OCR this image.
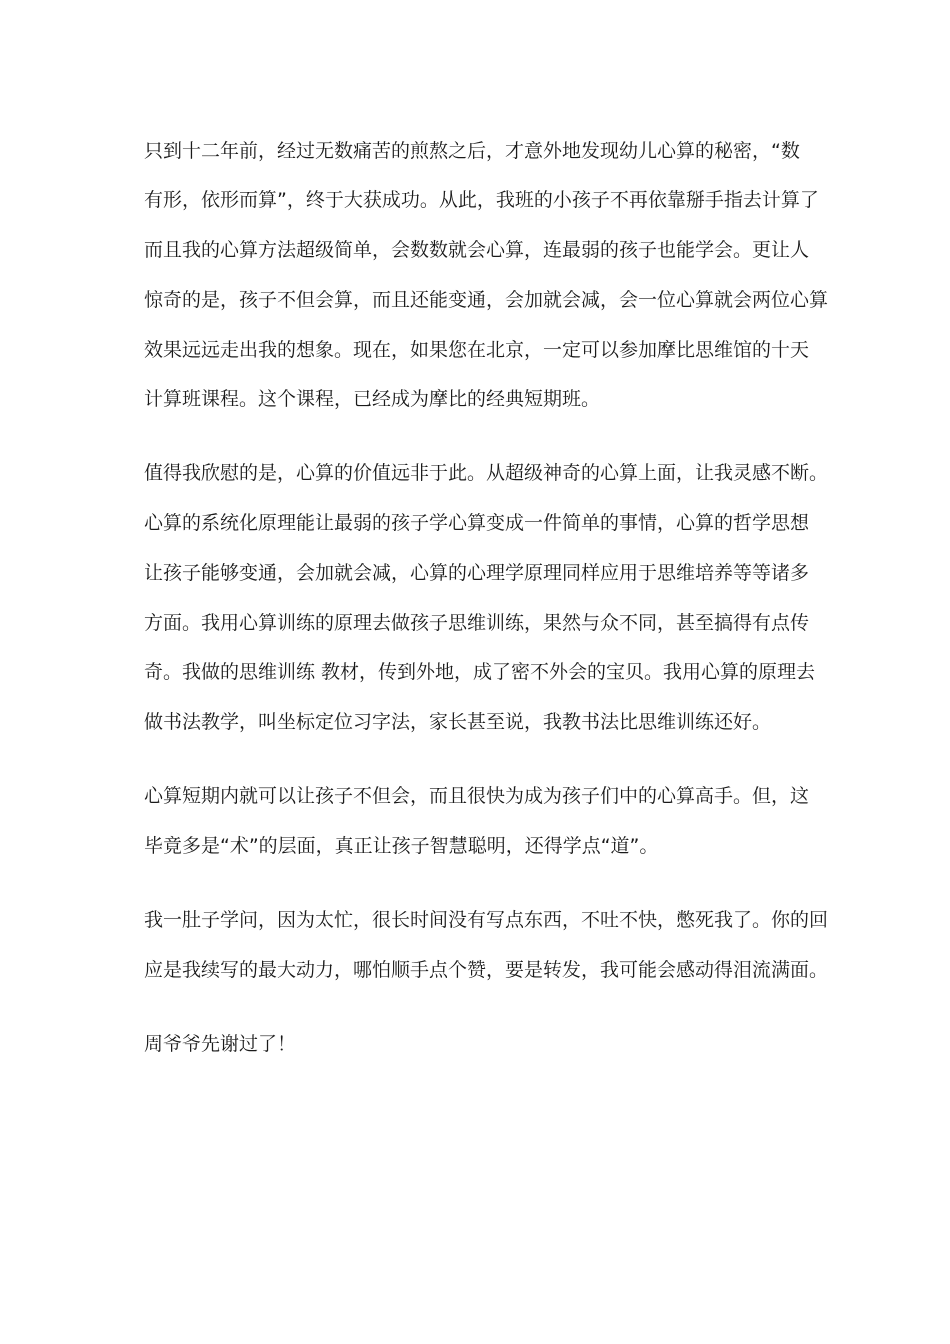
只到十二年前，经过无数痛苦的煎熬之后，才意外地发现幼儿心算的秘密，“数
有形，依形而算”，终于大获成功。从此，我班的小孩子不再依靠掰手指去计算了
而且我的心算方法超级简单，会数数就会心算，连最弱的孩子也能学会。更让人
惊奇的是，孩子不但会算，而且还能变通，会加就会减，会一位心算就会两位心算
效果远远走出我的想象。现在，如果您在北京，一定可以参加摩比思维馆的十天
计算班课程。这个课程，已经成为摩比的经典短期班。
值得我欣慰的是，心算的价值远非于此。从超级神奇的心算上面，让我灵感不断。
心算的系统化原理能让最弱的孩子学心算变成一件简单的事情，心算的哲学思想
让孩子能够变通，会加就会减，心算的心理学原理同样应用于思维培养等等诸多
方面。我用心算训练的原理去做孩子思维训练，果然与众不同，甚至搞得有点传
奇。我做的思维训练 教材，传到外地，成了密不外会的宝贝。我用心算的原理去
做书法教学，叫坐标定位习字法，家长甚至说，我教书法比思维训练还好。
心算短期内就可以让孩子不但会，而且很快为成为孩子们中的心算高手。但，这
毕竟多是“术”的层面，真正让孩子智慧聪明，还得学点“道”。
我一肚子学问，因为太忙，很长时间没有写点东西，不吐不快，憋死我了。你的回
应是我续写的最大动力，哪怕顺手点个赞，要是转发，我可能会感动得泪流满面。
周爷爷先谢过了！
